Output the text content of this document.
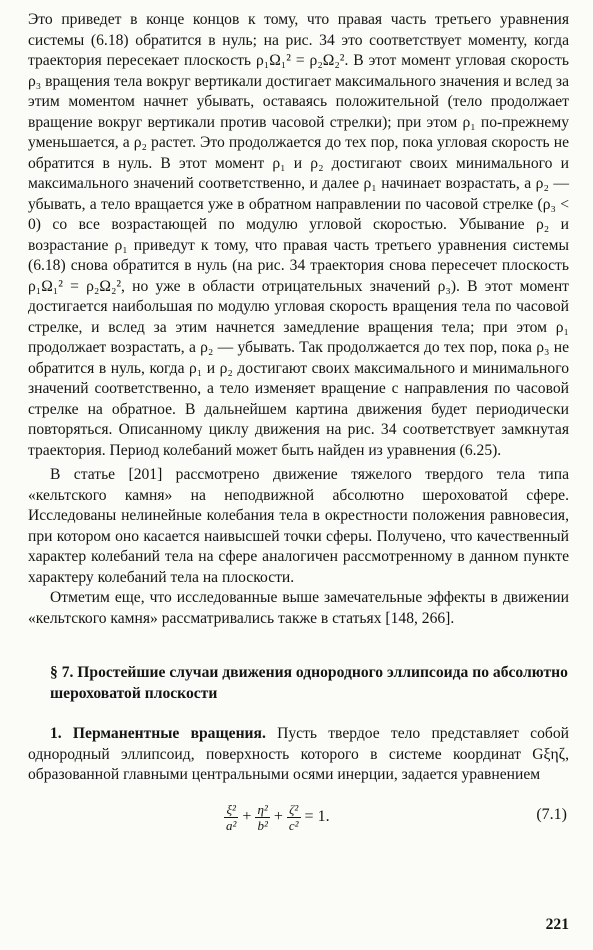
Это приведет в конце концов к тому, что правая часть третьего уравнения системы (6.18) обратится в нуль; на рис. 34 это соответствует моменту, когда траектория пересекает плоскость ρ₁Ω₁² = ρ₂Ω₂². В этот момент угловая скорость ρ₃ вращения тела вокруг вертикали достигает максимального значения и вслед за этим моментом начнет убывать, оставаясь положительной (тело продолжает вращение вокруг вертикали против часовой стрелки); при этом ρ₁ по-прежнему уменьшается, а ρ₂ растет. Это продолжается до тех пор, пока угловая скорость не обратится в нуль. В этот момент ρ₁ и ρ₂ достигают своих минимального и максимального значений соответственно, и далее ρ₁ начинает возрастать, а ρ₂ — убывать, а тело вращается уже в обратном направлении по часовой стрелке (ρ₃ < 0) со все возрастающей по модулю угловой скоростью. Убывание ρ₂ и возрастание ρ₁ приведут к тому, что правая часть третьего уравнения системы (6.18) снова обратится в нуль (на рис. 34 траектория снова пересечет плоскость ρ₁Ω₁² = ρ₂Ω₂², но уже в области отрицательных значений ρ₃). В этот момент достигается наибольшая по модулю угловая скорость вращения тела по часовой стрелке, и вслед за этим начнется замедление вращения тела; при этом ρ₁ продолжает возрастать, а ρ₂ — убывать. Так продолжается до тех пор, пока ρ₃ не обратится в нуль, когда ρ₁ и ρ₂ достигают своих максимального и минимального значений соответственно, а тело изменяет вращение с направления по часовой стрелке на обратное. В дальнейшем картина движения будет периодически повторяться. Описанному циклу движения на рис. 34 соответствует замкнутая траектория. Период колебаний может быть найден из уравнения (6.25).

В статье [201] рассмотрено движение тяжелого твердого тела типа «кельтского камня» на неподвижной абсолютно шероховатой сфере. Исследованы нелинейные колебания тела в окрестности положения равновесия, при котором оно касается наивысшей точки сферы. Получено, что качественный характер колебаний тела на сфере аналогичен рассмотренному в данном пункте характеру колебаний тела на плоскости.

Отметим еще, что исследованные выше замечательные эффекты в движении «кельтского камня» рассматривались также в статьях [148, 266].

§ 7. Простейшие случаи движения однородного эллипсоида по абсолютно шероховатой плоскости

1. Перманентные вращения. Пусть твердое тело представляет собой однородный эллипсоид, поверхность которого в системе координат Gξηζ, образованной главными центральными осями инерции, задается уравнением

$\frac{\text{ξ²}}{\text{a²}} + \frac{\text{η²}}{\text{b²}} + \frac{\text{ζ²}}{\text{c²}} = 1$.	(7.1)
221
